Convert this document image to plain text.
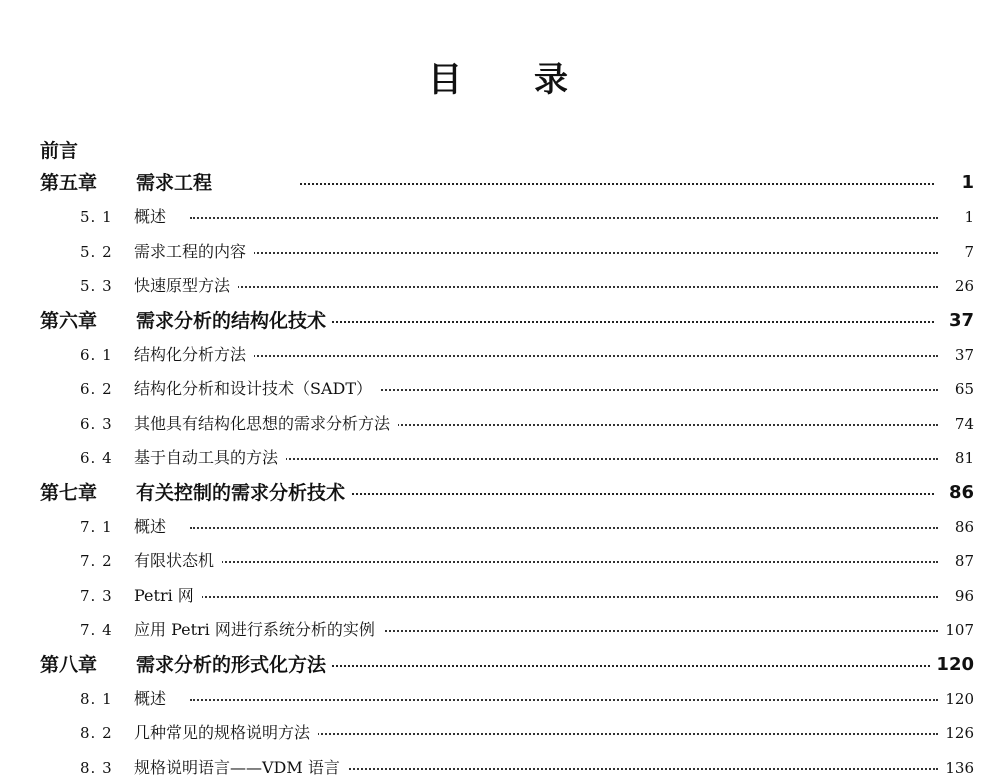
目 录
前言
第五章	需求工程	1
5. 1	概述	1
5. 2	需求工程的内容	7
5. 3	快速原型方法	26
第六章	需求分析的结构化技术	37
6. 1	结构化分析方法	37
6. 2	结构化分析和设计技术（SADT）	65
6. 3	其他具有结构化思想的需求分析方法	74
6. 4	基于自动工具的方法	81
第七章	有关控制的需求分析技术	86
7. 1	概述	86
7. 2	有限状态机	87
7. 3	Petri 网	96
7. 4	应用 Petri 网进行系统分析的实例	107
第八章	需求分析的形式化方法	120
8. 1	概述	120
8. 2	几种常见的规格说明方法	126
8. 3	规格说明语言——VDM 语言	136
